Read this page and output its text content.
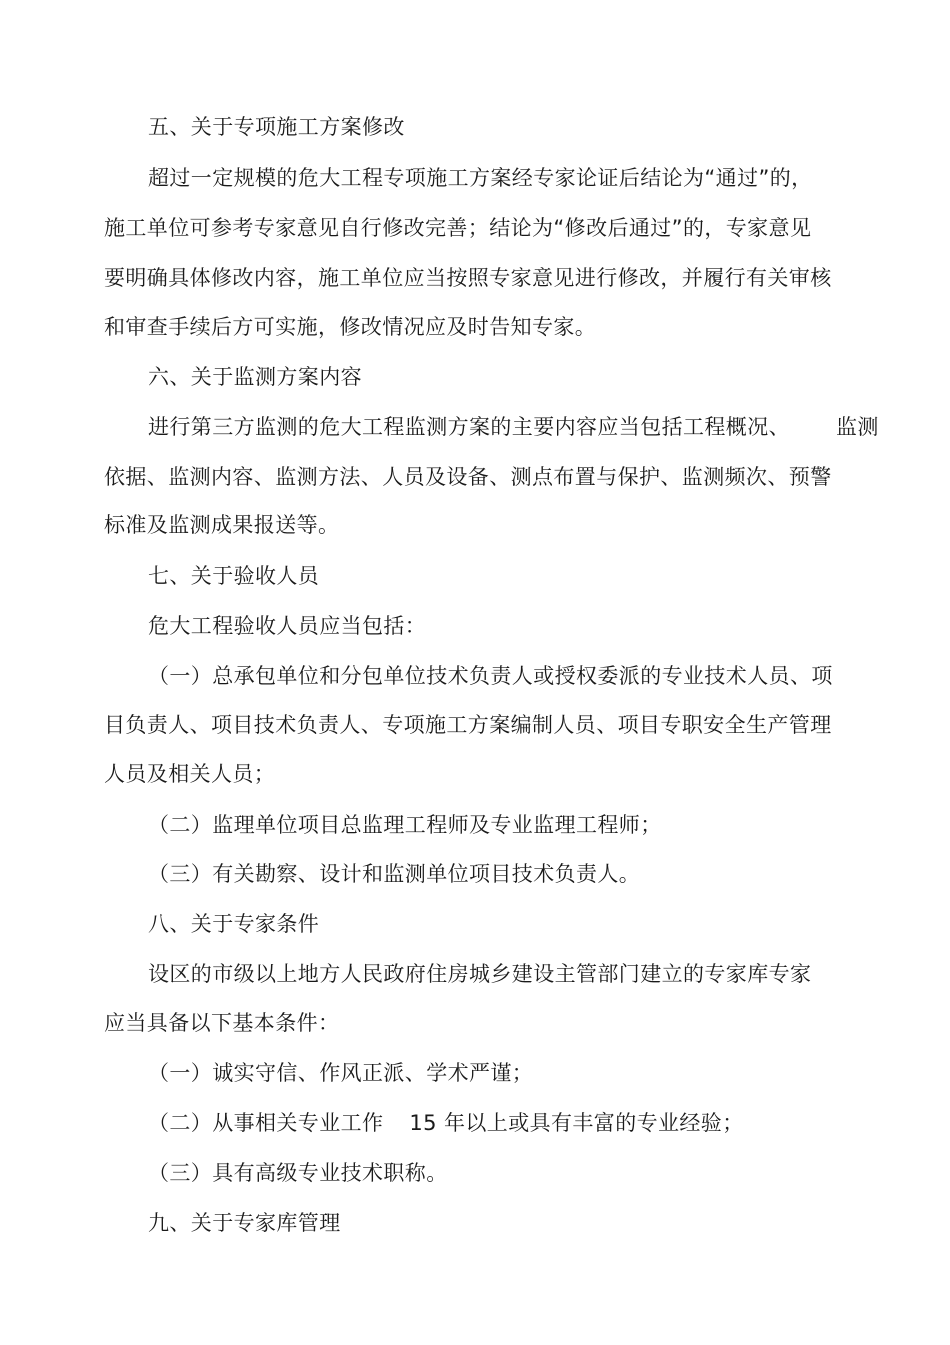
五、关于专项施工方案修改
超过一定规模的危大工程专项施工方案经专家论证后结论为“通过”的，
施工单位可参考专家意见自行修改完善；结论为“修改后通过”的，专家意见
要明确具体修改内容，施工单位应当按照专家意见进行修改，并履行有关审核
和审查手续后方可实施，修改情况应及时告知专家。
六、关于监测方案内容
进行第三方监测的危大工程监测方案的主要内容应当包括工程概况、 监测
依据、监测内容、监测方法、人员及设备、测点布置与保护、监测频次、预警
标准及监测成果报送等。
七、关于验收人员
危大工程验收人员应当包括：
（一）总承包单位和分包单位技术负责人或授权委派的专业技术人员、项
目负责人、项目技术负责人、专项施工方案编制人员、项目专职安全生产管理
人员及相关人员；
（二）监理单位项目总监理工程师及专业监理工程师；
（三）有关勘察、设计和监测单位项目技术负责人。
八、关于专家条件
设区的市级以上地方人民政府住房城乡建设主管部门建立的专家库专家
应当具备以下基本条件：
（一）诚实守信、作风正派、学术严谨；
（二）从事相关专业工作 15 年以上或具有丰富的专业经验；
（三）具有高级专业技术职称。
九、关于专家库管理
